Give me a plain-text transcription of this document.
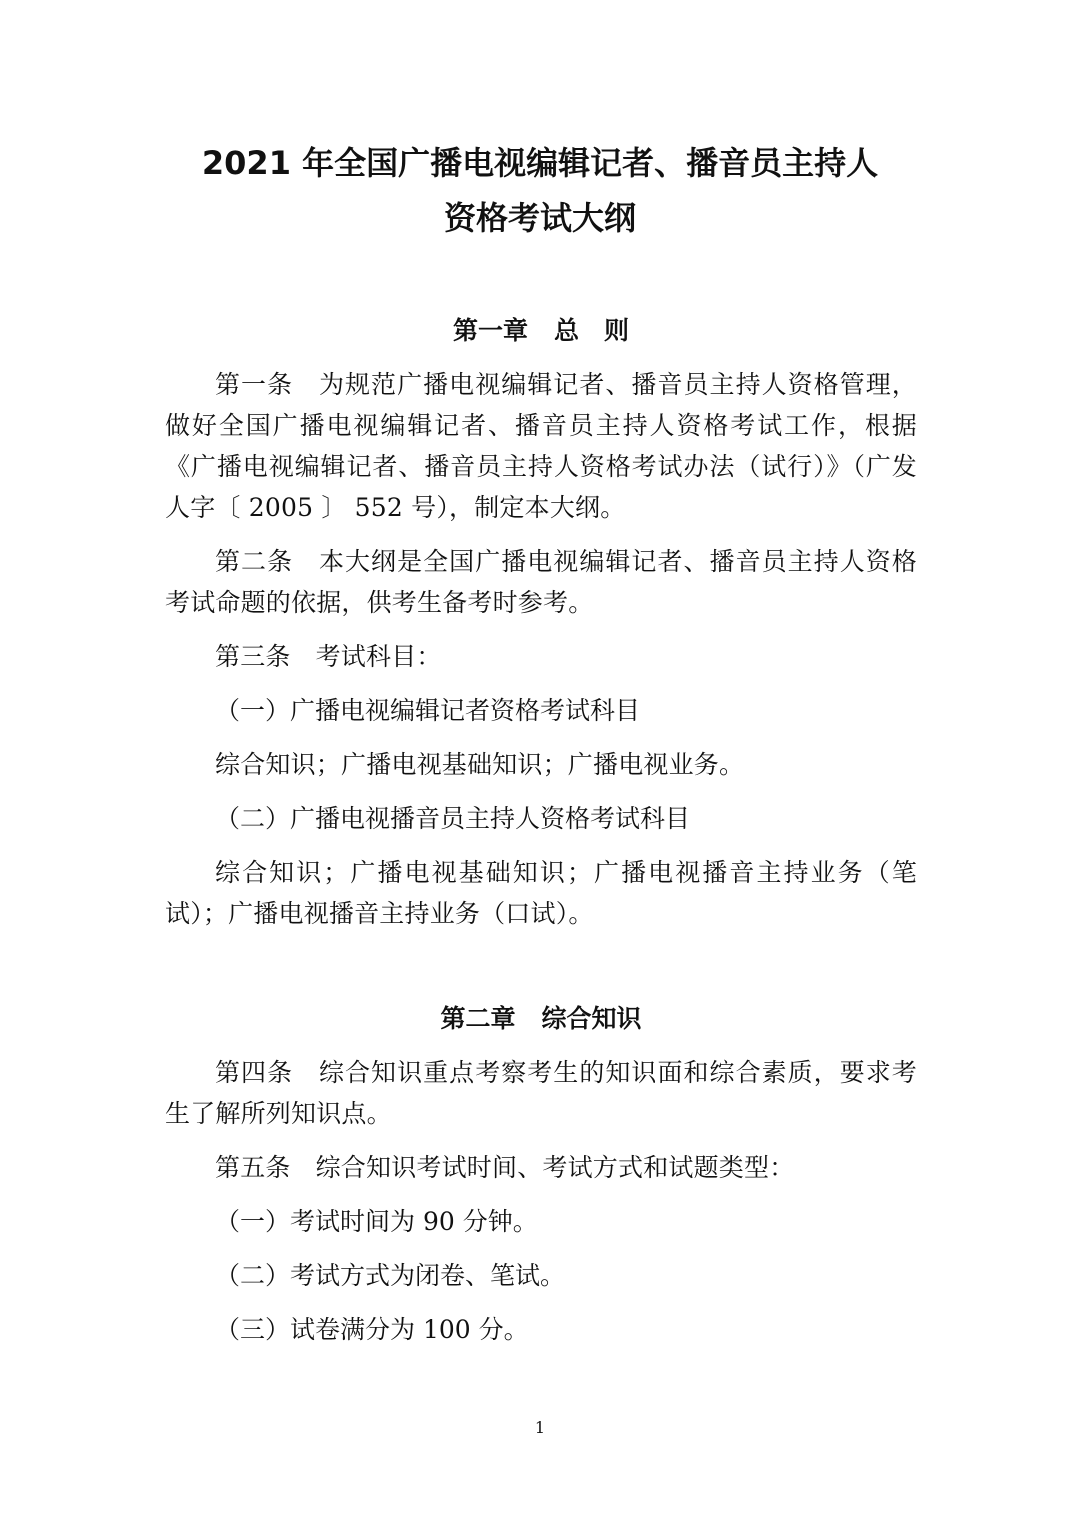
2021 年全国广播电视编辑记者、播音员主持人
资格考试大纲
第一章 总　则

第一条 为规范广播电视编辑记者、播音员主持人资格管理，做好全国广播电视编辑记者、播音员主持人资格考试工作，根据《广播电视编辑记者、播音员主持人资格考试办法（试行）》（广发人字〔 2005 〕 552 号），制定本大纲。

第二条 本大纲是全国广播电视编辑记者、播音员主持人资格考试命题的依据，供考生备考时参考。

第三条 考试科目：

（一）广播电视编辑记者资格考试科目

综合知识；广播电视基础知识；广播电视业务。

（二）广播电视播音员主持人资格考试科目

综合知识；广播电视基础知识；广播电视播音主持业务（笔试）；广播电视播音主持业务（口试）。

第二章 综合知识

第四条 综合知识重点考察考生的知识面和综合素质，要求考生了解所列知识点。

第五条 综合知识考试时间、考试方式和试题类型：

（一）考试时间为 90 分钟。

（二）考试方式为闭卷、笔试。

（三）试卷满分为 100 分。

1
